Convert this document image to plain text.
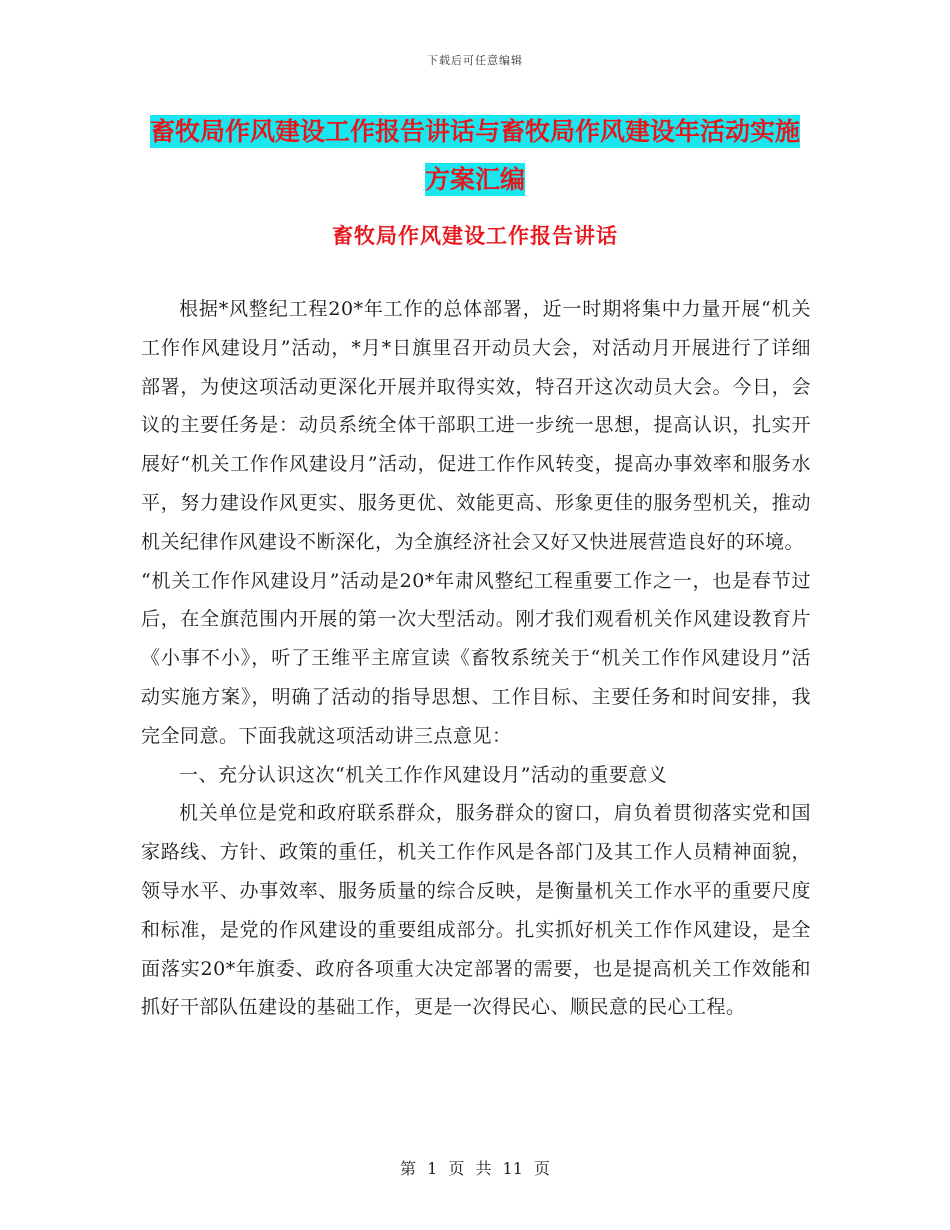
下载后可任意编辑
畜牧局作风建设工作报告讲话与畜牧局作风建设年活动实施方案汇编
畜牧局作风建设工作报告讲话

根据*风整纪工程20*年工作的总体部署，近一时期将集中力量开展“机关工作作风建设月”活动，*月*日旗里召开动员大会，对活动月开展进行了详细部署，为使这项活动更深化开展并取得实效，特召开这次动员大会。今日，会议的主要任务是：动员系统全体干部职工进一步统一思想，提高认识，扎实开展好“机关工作作风建设月”活动，促进工作作风转变，提高办事效率和服务水平，努力建设作风更实、服务更优、效能更高、形象更佳的服务型机关，推动机关纪律作风建设不断深化，为全旗经济社会又好又快进展营造良好的环境。

“机关工作作风建设月”活动是20*年肃风整纪工程重要工作之一，也是春节过后，在全旗范围内开展的第一次大型活动。刚才我们观看机关作风建设教育片《小事不小》，听了王维平主席宣读《畜牧系统关于“机关工作作风建设月”活动实施方案》，明确了活动的指导思想、工作目标、主要任务和时间安排，我完全同意。下面我就这项活动讲三点意见：

一、充分认识这次“机关工作作风建设月”活动的重要意义

机关单位是党和政府联系群众，服务群众的窗口，肩负着贯彻落实党和国家路线、方针、政策的重任，机关工作作风是各部门及其工作人员精神面貌，领导水平、办事效率、服务质量的综合反映，是衡量机关工作水平的重要尺度和标准，是党的作风建设的重要组成部分。扎实抓好机关工作作风建设，是全面落实20*年旗委、政府各项重大决定部署的需要，也是提高机关工作效能和抓好干部队伍建设的基础工作，更是一次得民心、顺民意的民心工程。

第 1 页 共 11 页
